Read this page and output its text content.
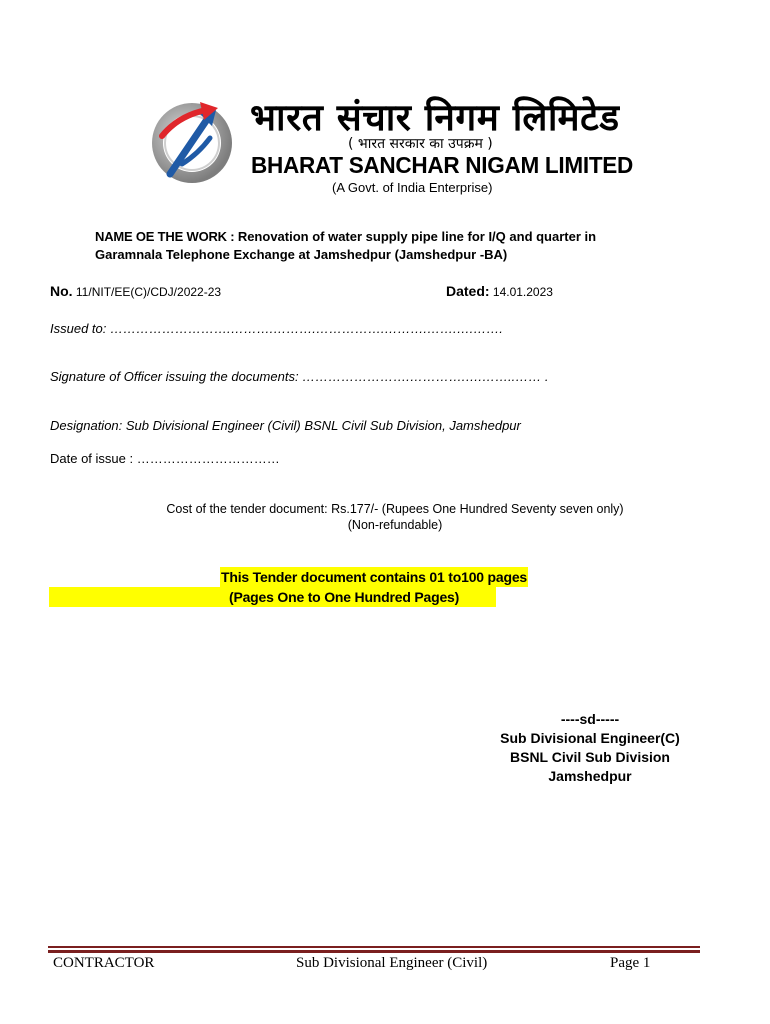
भारत संचार निगम लिमिटेड
( भारत सरकार का उपक्रम )
BHARAT SANCHAR NIGAM LIMITED
(A Govt. of India Enterprise)
NAME OE THE WORK : Renovation of water supply pipe line for I/Q and quarter in
Garamnala Telephone Exchange at Jamshedpur (Jamshedpur -BA)
No. 11/NIT/EE(C)/CDJ/2022-23	Dated: 14.01.2023
Issued to: ……………………….……….……….…………….……….…….….…….
Signature of Officer issuing the documents: …………………….………….….……..…… .
Designation: Sub Divisional Engineer (Civil) BSNL Civil Sub Division, Jamshedpur
Date of issue : ……………………………
Cost of the tender document: Rs.177/- (Rupees One Hundred Seventy seven only)
(Non-refundable)
This Tender document contains 01 to100 pages
(Pages One to One Hundred Pages)
----sd-----
Sub Divisional Engineer(C)
BSNL Civil Sub Division
Jamshedpur
CONTRACTOR	Sub Divisional Engineer (Civil)	Page 1
